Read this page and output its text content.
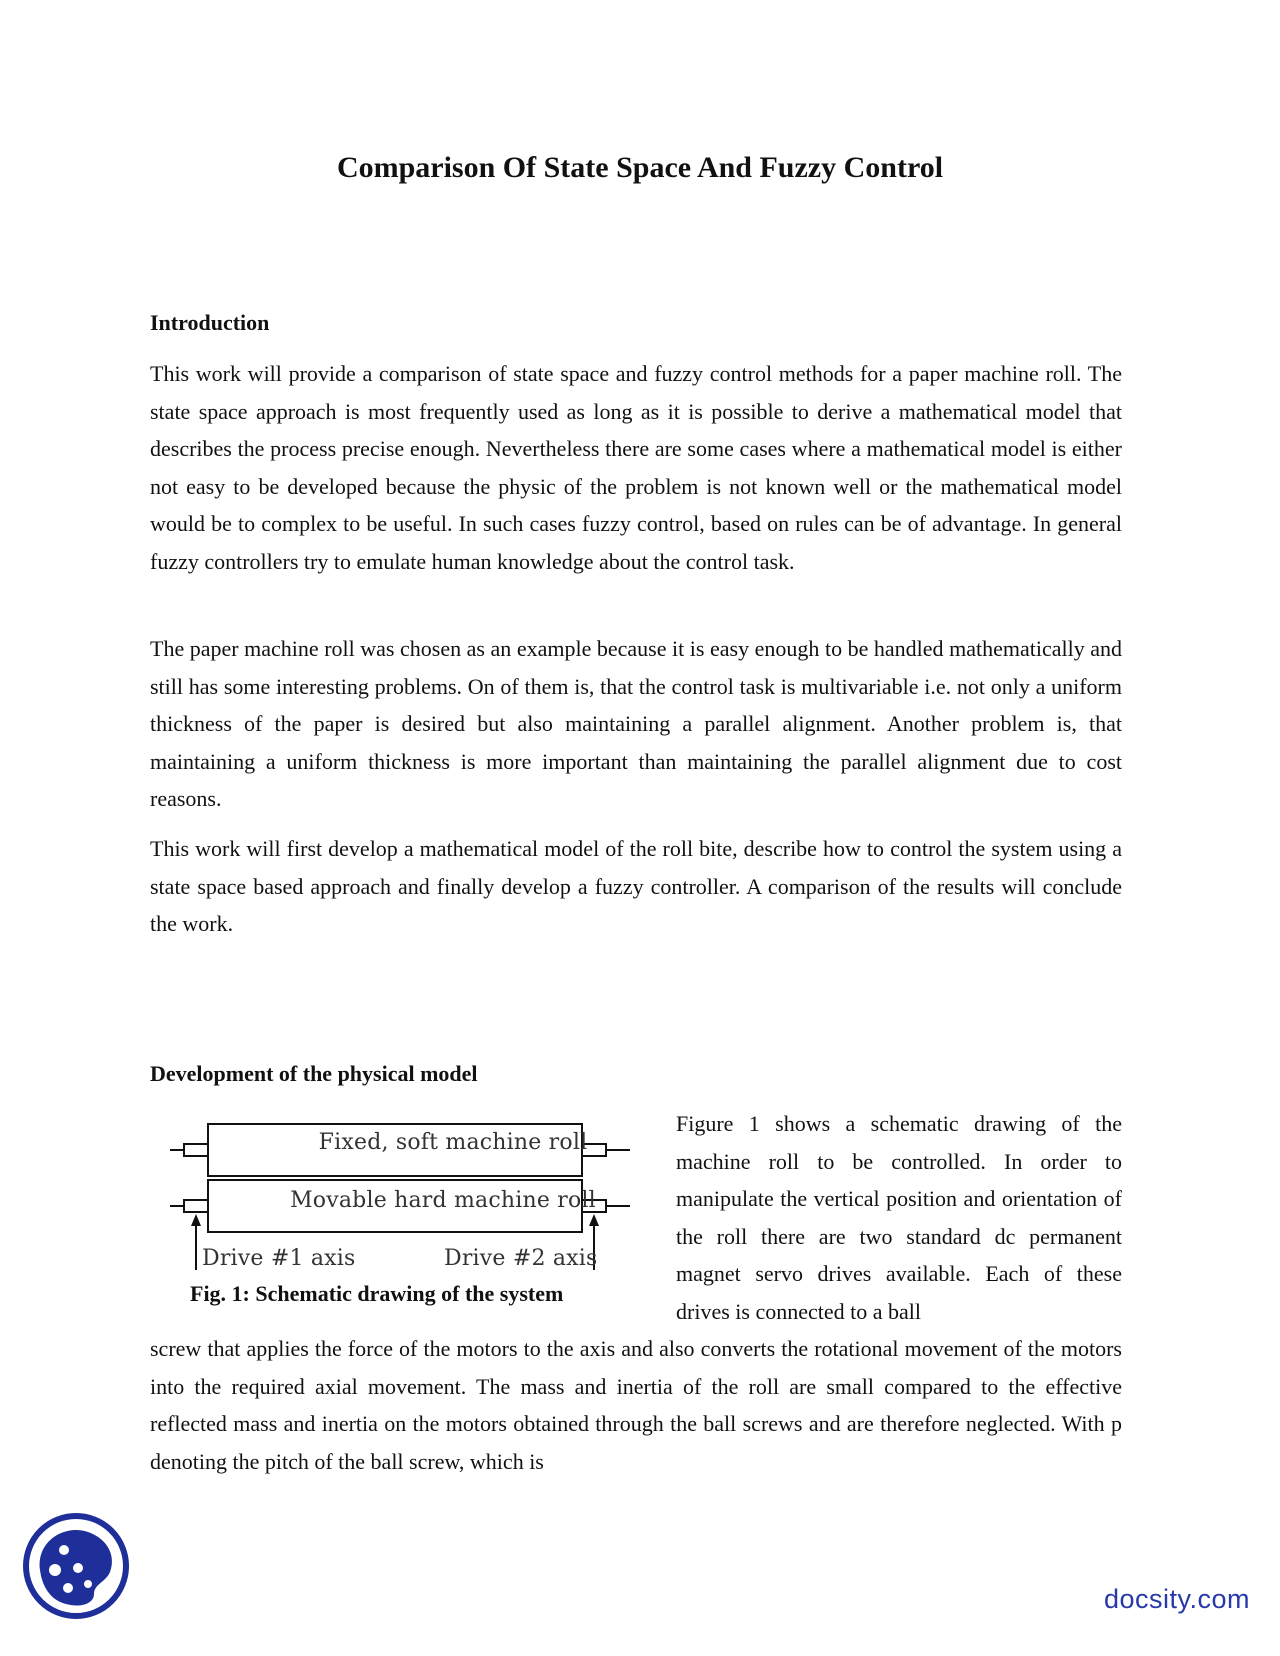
Comparison Of State Space And Fuzzy Control
Introduction

This work will provide a comparison of state space and fuzzy control methods for a paper machine roll. The state space approach is most frequently used as long as it is possible to derive a mathematical model that describes the process precise enough. Nevertheless there are some cases where a mathematical model is either not easy to be developed because the physic of the problem is not known well or the mathematical model would be to complex to be useful. In such cases fuzzy control, based on rules can be of advantage. In general fuzzy controllers try to emulate human knowledge about the control task.

The paper machine roll was chosen as an example because it is easy enough to be handled mathematically and still has some interesting problems. On of them is, that the control task is multivariable i.e. not only a uniform thickness of the paper is desired but also maintaining a parallel alignment. Another problem is, that maintaining a uniform thickness is more important than maintaining the parallel alignment due to cost reasons.

This work will first develop a mathematical model of the roll bite, describe how to control the system using a state space based approach and finally develop a fuzzy controller. A comparison of the results will conclude the work.

Development of the physical model
Fixed, soft machine roll
Movable hard machine roll
Drive #1 axis	Drive #2 axis
Fig. 1: Schematic drawing of the system

Figure 1 shows a schematic drawing of the machine roll to be controlled. In order to manipulate the vertical position and orientation of the roll there are two standard dc permanent magnet servo drives available. Each of these drives is connected to a ball

screw that applies the force of the motors to the axis and also converts the rotational movement of the motors into the required axial movement. The mass and inertia of the roll are small compared to the effective reflected mass and inertia on the motors obtained through the ball screws and are therefore neglected. With p denoting the pitch of the ball screw, which is

docsity.com
